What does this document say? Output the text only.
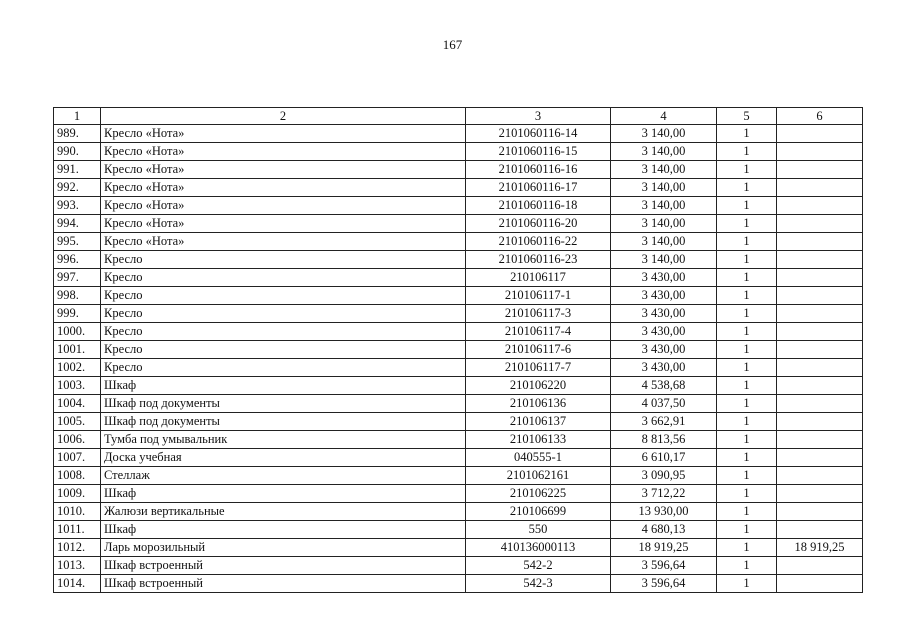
167
1	2	3	4	5	6
989.	Кресло «Нота»	2101060116-14	3 140,00	1	
990.	Кресло «Нота»	2101060116-15	3 140,00	1	
991.	Кресло «Нота»	2101060116-16	3 140,00	1	
992.	Кресло «Нота»	2101060116-17	3 140,00	1	
993.	Кресло «Нота»	2101060116-18	3 140,00	1	
994.	Кресло «Нота»	2101060116-20	3 140,00	1	
995.	Кресло «Нота»	2101060116-22	3 140,00	1	
996.	Кресло	2101060116-23	3 140,00	1	
997.	Кресло	210106117	3 430,00	1	
998.	Кресло	210106117-1	3 430,00	1	
999.	Кресло	210106117-3	3 430,00	1	
1000.	Кресло	210106117-4	3 430,00	1	
1001.	Кресло	210106117-6	3 430,00	1	
1002.	Кресло	210106117-7	3 430,00	1	
1003.	Шкаф	210106220	4 538,68	1	
1004.	Шкаф под документы	210106136	4 037,50	1	
1005.	Шкаф под документы	210106137	3 662,91	1	
1006.	Тумба под умывальник	210106133	8 813,56	1	
1007.	Доска учебная	040555-1	6 610,17	1	
1008.	Стеллаж	2101062161	3 090,95	1	
1009.	Шкаф	210106225	3 712,22	1	
1010.	Жалюзи вертикальные	210106699	13 930,00	1	
1011.	Шкаф	550	4 680,13	1	
1012.	Ларь морозильный	410136000113	18 919,25	1	18 919,25
1013.	Шкаф встроенный	542-2	3 596,64	1	
1014.	Шкаф встроенный	542-3	3 596,64	1	
